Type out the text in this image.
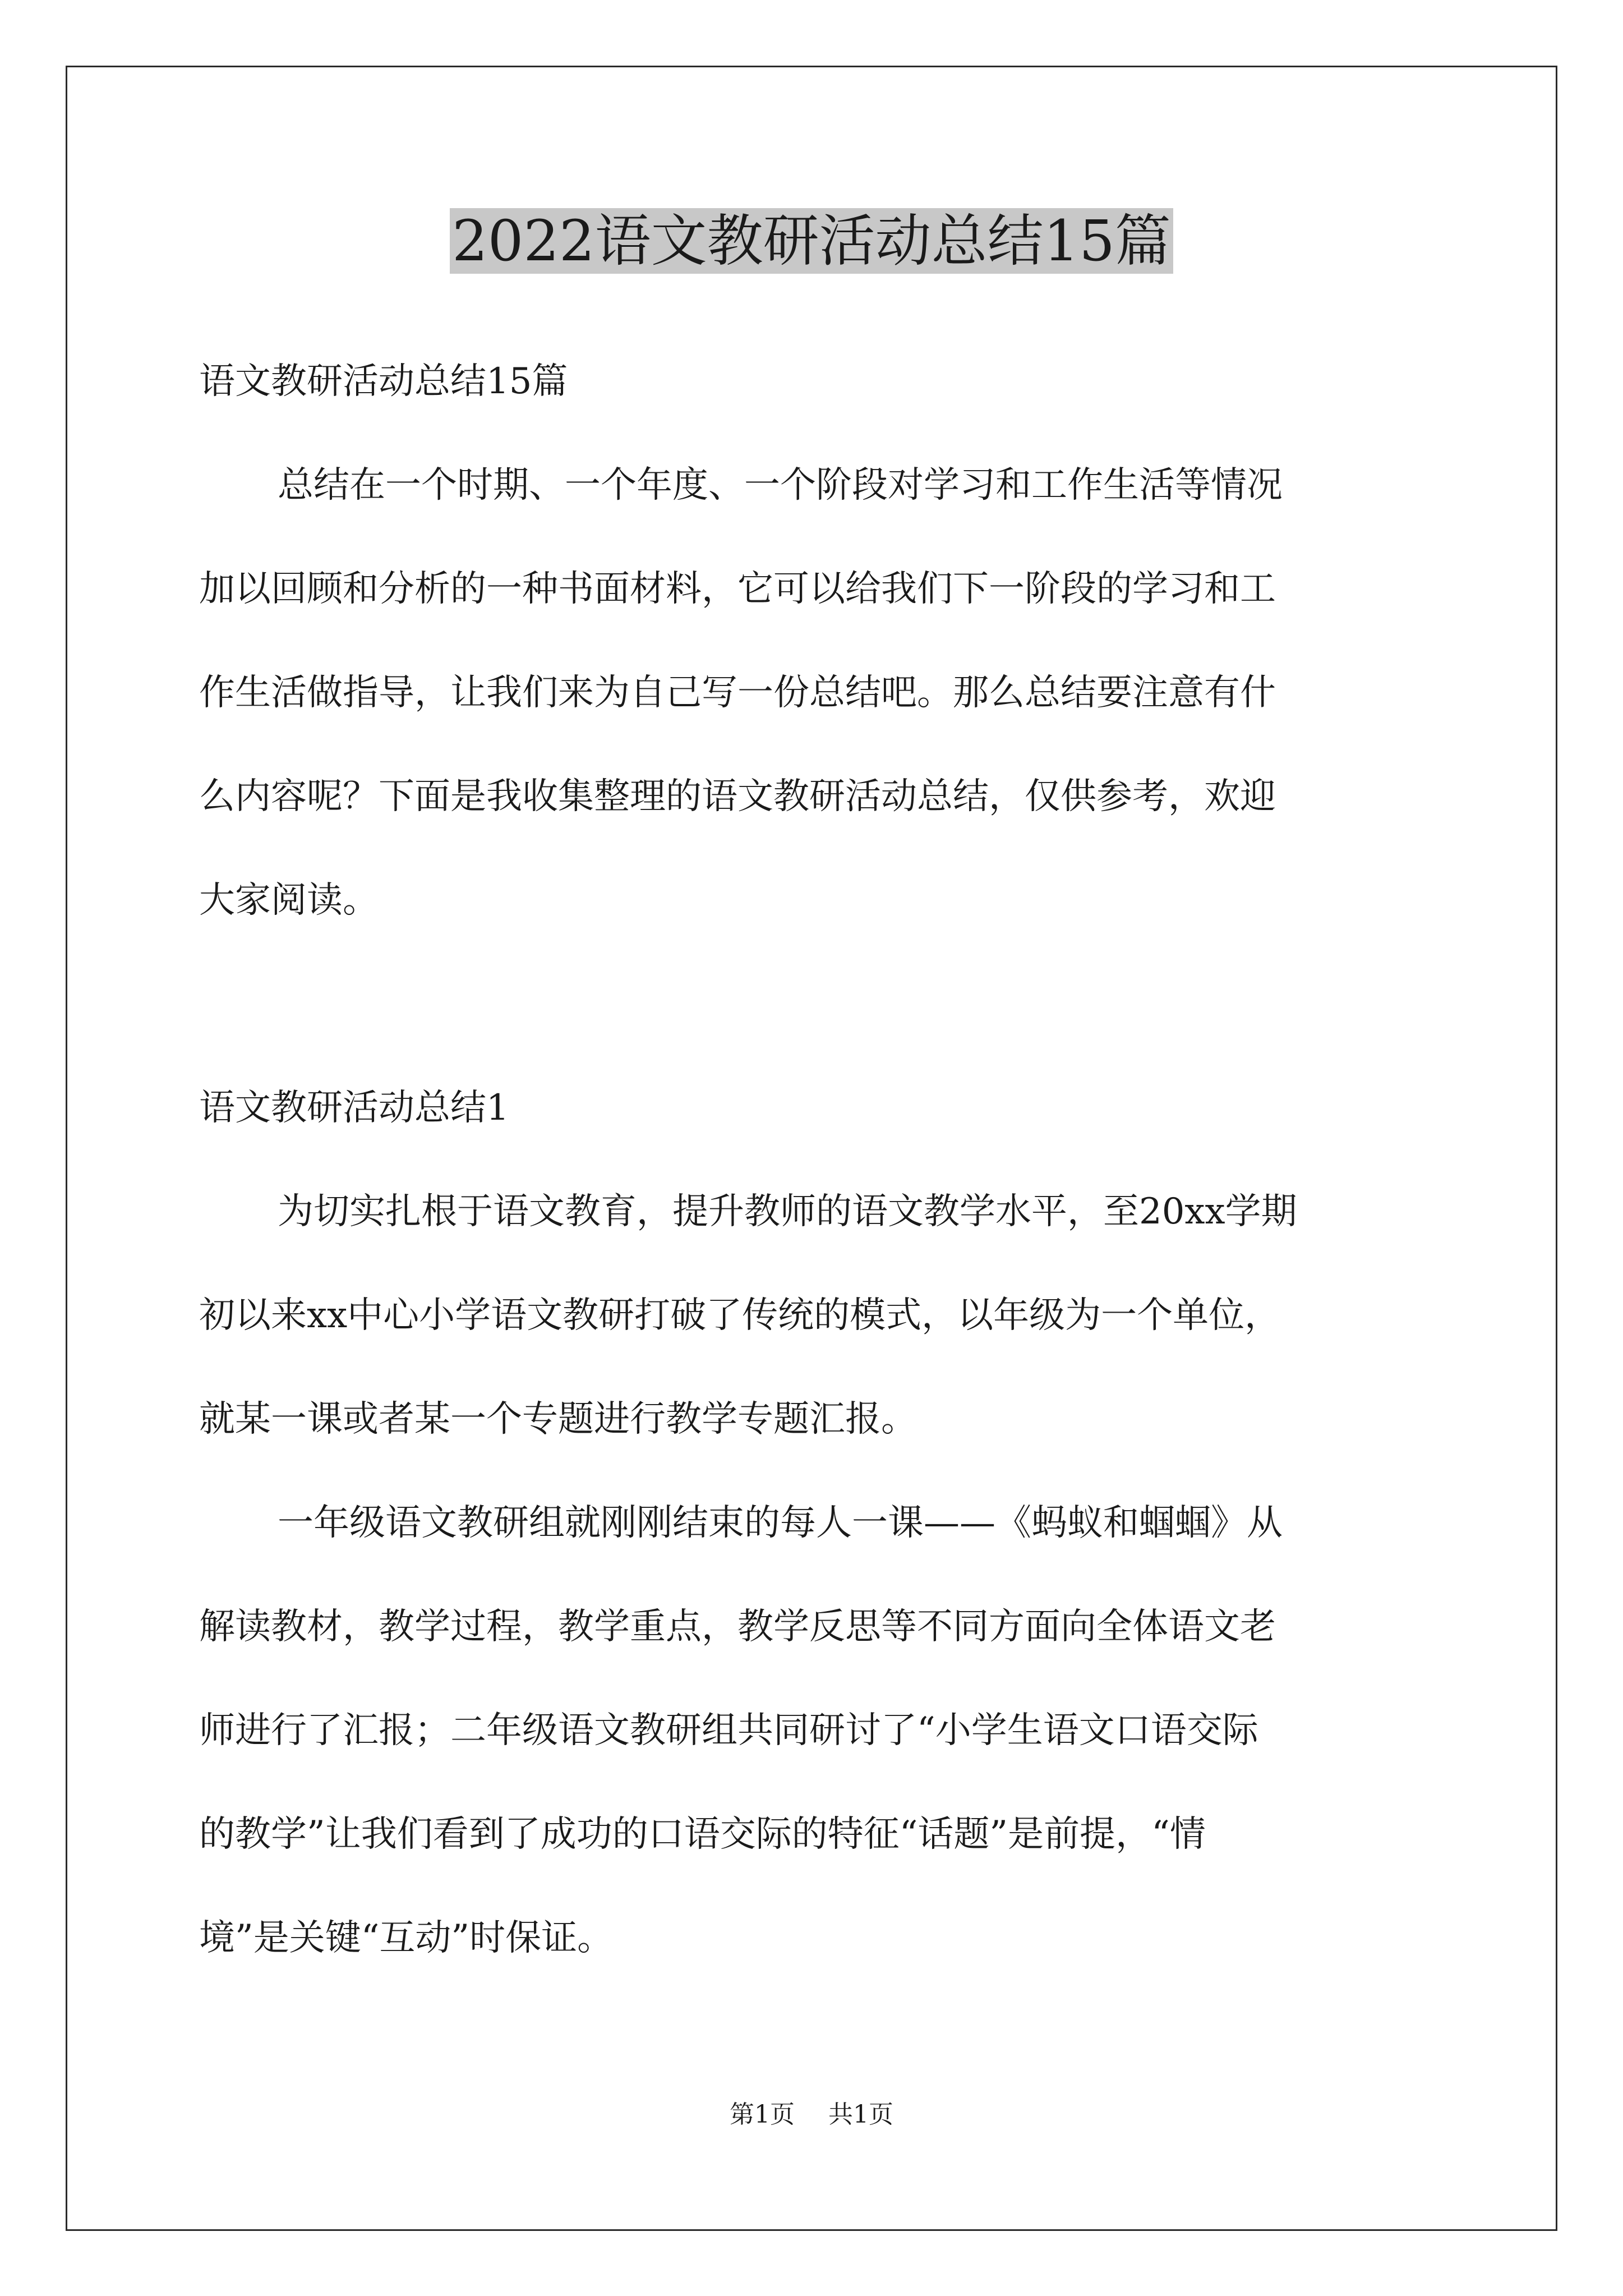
2022语文教研活动总结15篇

语文教研活动总结15篇

总结在一个时期、一个年度、一个阶段对学习和工作生活等情况

加以回顾和分析的一种书面材料，它可以给我们下一阶段的学习和工

作生活做指导，让我们来为自己写一份总结吧。那么总结要注意有什

么内容呢？下面是我收集整理的语文教研活动总结，仅供参考，欢迎

大家阅读。

语文教研活动总结1

为切实扎根于语文教育，提升教师的语文教学水平，至20xx学期

初以来xx中心小学语文教研打破了传统的模式，以年级为一个单位，

就某一课或者某一个专题进行教学专题汇报。

一年级语文教研组就刚刚结束的每人一课——《蚂蚁和蝈蝈》从

解读教材，教学过程，教学重点，教学反思等不同方面向全体语文老

师进行了汇报；二年级语文教研组共同研讨了“小学生语文口语交际

的教学”让我们看到了成功的口语交际的特征“话题”是前提，“情

境”是关键“互动”时保证。

第1页 共1页
